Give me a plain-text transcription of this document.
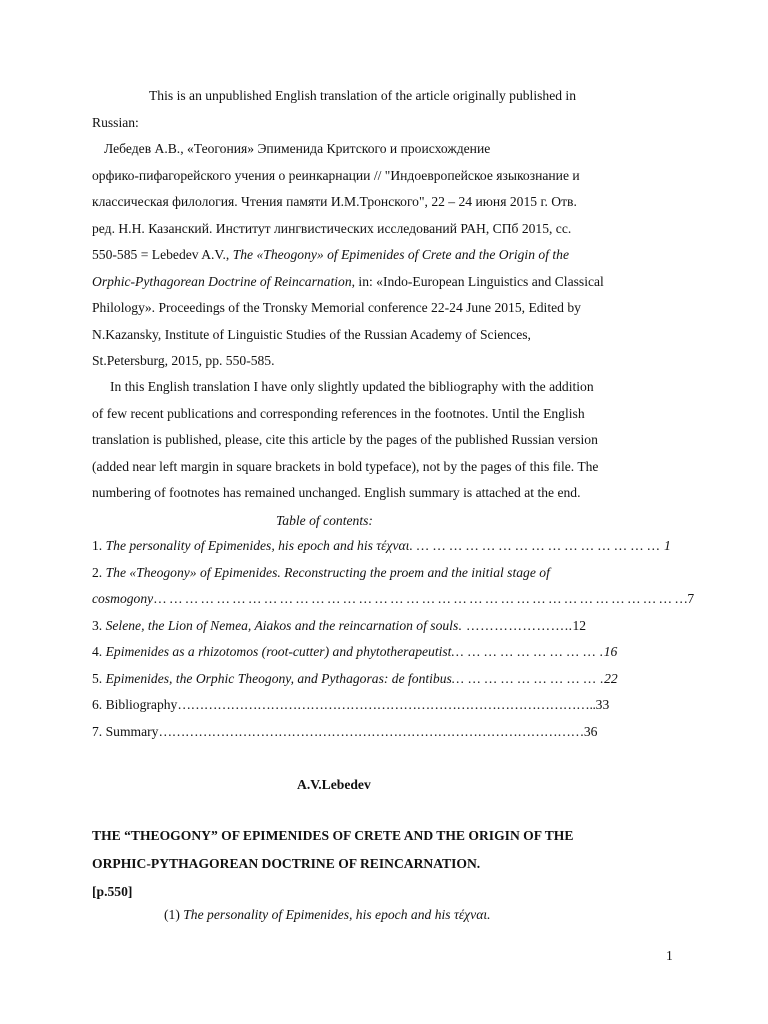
This is an unpublished English translation of the article originally published in
Russian:
Лебедев А.В., «Теогония» Эпименида Критского и происхождение
орфико-пифагорейского учения о реинкарнации // "Индоевропейское языкознание и
классическая филология. Чтения памяти И.М.Тронского", 22 – 24 июня 2015 г. Отв.
ред. Н.Н. Казанский. Институт лингвистических исследований РАН, СПб 2015, сс.
550-585 = Lebedev A.V., The «Theogony» of Epimenides of Crete and the Origin of the
Orphic-Pythagorean Doctrine of Reincarnation, in: «Indo-European Linguistics and Classical
Philology». Proceedings of the Tronsky Memorial conference 22-24 June 2015, Edited by
N.Kazansky, Institute of Linguistic Studies of the Russian Academy of Sciences,
St.Petersburg, 2015, pp. 550-585.
In this English translation I have only slightly updated the bibliography with the addition
of few recent publications and corresponding references in the footnotes. Until the English
translation is published, please, cite this article by the pages of the published Russian version
(added near left margin in square brackets in bold typeface), not by the pages of this file. The
numbering of footnotes has remained unchanged. English summary is attached at the end.
Table of contents:
1. The personality of Epimenides, his epoch and his τέχναι. … … … … … … … … … … … … … … … 1
2. The «Theogony» of Epimenides. Reconstructing the proem and the initial stage of
cosmogony… … … … … … … … … … … … … … … … … … … … … … … … … … … … … … … … … …7
3. Selene, the Lion of Nemea, Aiakos and the reincarnation of souls. …………………..12
4. Epimenides as a rhizotomos (root-cutter) and phytotherapeutist… … … … … … … … … .16
5. Epimenides, the Orphic Theogony, and Pythagoras: de fontibus… … … … … … … … … .22
6. Bibliography…………………………………………………………………………………..33
7. Summary……………………………………………………………………………………36
A.V.Lebedev
THE “THEOGONY” OF EPIMENIDES OF CRETE AND THE ORIGIN OF THE
ORPHIC-PYTHAGOREAN DOCTRINE OF REINCARNATION.
[p.550]
(1) The personality of Epimenides, his epoch and his τέχναι.
1
